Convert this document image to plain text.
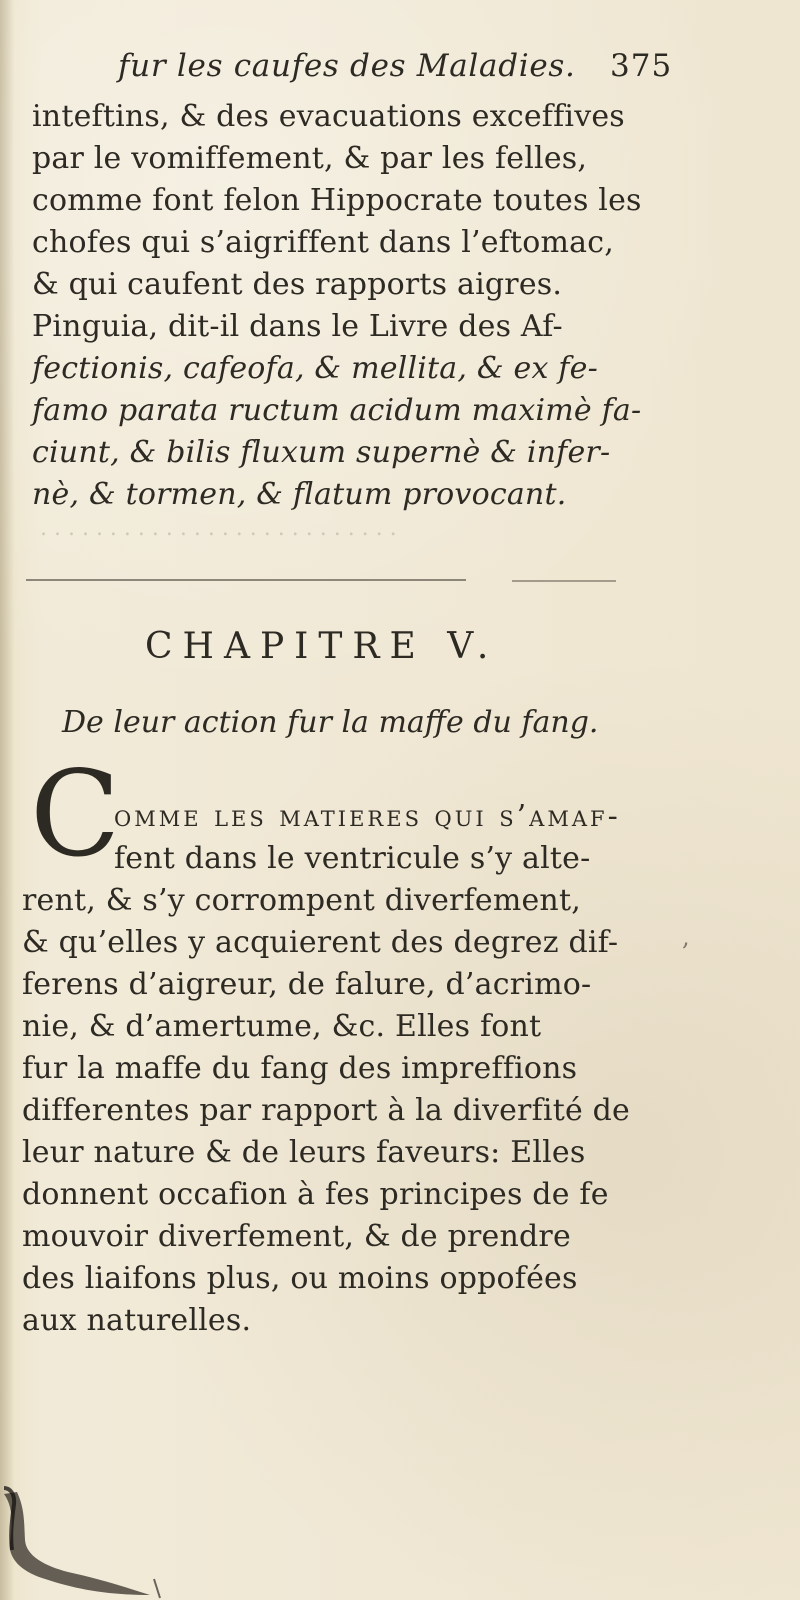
fur les caufes des Maladies. 375
inteftins, & des evacuations exceffives
par le vomiffement, & par les felles,
comme font felon Hippocrate toutes les
chofes qui s’aigriffent dans l’eftomac,
& qui caufent des rapports aigres.
Pinguia, dit-il dans le Livre des Af-
fectionis, cafeofa, & mellita, & ex fe-
famo parata ructum acidum maximè fa-
ciunt, & bilis fluxum supernè & infer-
nè, & tormen, & flatum provocant.
. . . . . . . . . . . . . . . . . . . . . . . . . .
CHAPITRE V.
De leur action fur la maffe du fang.
C
omme les matieres qui s’amaf-
fent dans le ventricule s’y alte-
rent, & s’y corrompent diverfement,
& qu’elles y acquierent des degrez dif-
ferens d’aigreur, de falure, d’acrimo-
nie, & d’amertume, &c. Elles font
fur la maffe du fang des impreffions
differentes par rapport à la diverfité de
leur nature & de leurs faveurs: Elles
donnent occafion à fes principes de fe
mouvoir diverfement, & de prendre
des liaifons plus, ou moins oppofées
aux naturelles.
,
